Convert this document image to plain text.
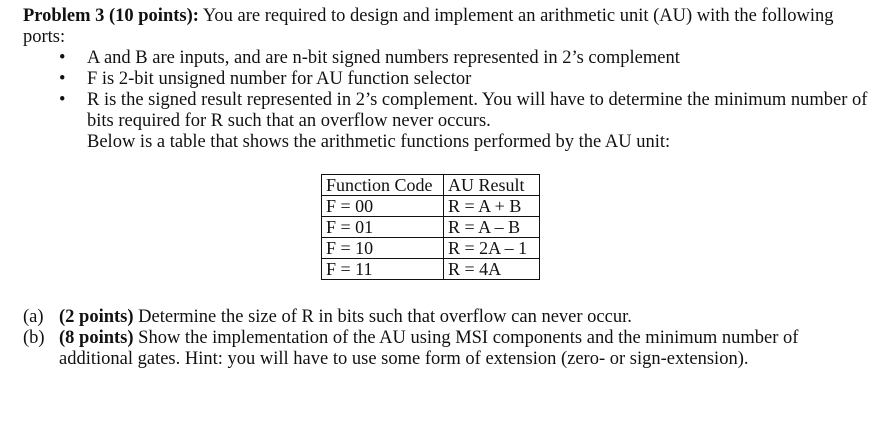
Problem 3 (10 points): You are required to design and implement an arithmetic unit (AU) with the following ports:

• A and B are inputs, and are n-bit signed numbers represented in 2’s complement
• F is 2-bit unsigned number for AU function selector
• R is the signed result represented in 2’s complement. You will have to determine the minimum number of bits required for R such that an overflow never occurs.
Below is a table that shows the arithmetic functions performed by the AU unit:
Function Code	AU Result
F = 00	R = A + B
F = 01	R = A – B
F = 10	R = 2A – 1
F = 11	R = 4A
(a) (2 points) Determine the size of R in bits such that overflow can never occur.
(b) (8 points) Show the implementation of the AU using MSI components and the minimum number of additional gates. Hint: you will have to use some form of extension (zero- or sign-extension).
